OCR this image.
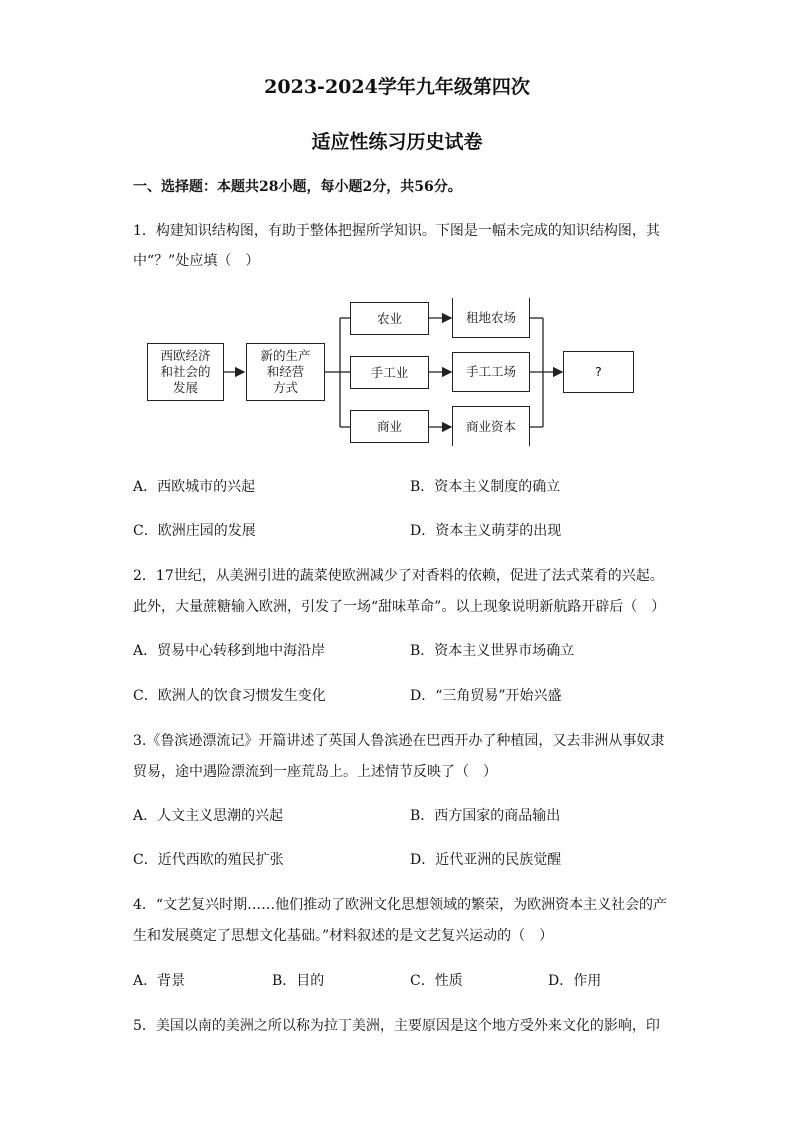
2023-2024学年九年级第四次
适应性练习历史试卷
一、选择题：本题共28小题，每小题2分，共56分。
1．构建知识结构图，有助于整体把握所学知识。下图是一幅未完成的知识结构图，其
中“？”处应填（　）
西欧经济
和社会的
发展
新的生产
和经营
方式
农业
手工业
商业
租地农场
手工工场
商业资本
?
A．西欧城市的兴起	B．资本主义制度的确立
C．欧洲庄园的发展	D．资本主义萌芽的出现
2．17世纪，从美洲引进的蔬菜使欧洲减少了对香料的依赖，促进了法式菜肴的兴起。
此外，大量蔗糖输入欧洲，引发了一场“甜味革命”。以上现象说明新航路开辟后（　）
A．贸易中心转移到地中海沿岸	B．资本主义世界市场确立
C．欧洲人的饮食习惯发生变化	D．“三角贸易”开始兴盛
3.《鲁滨逊漂流记》开篇讲述了英国人鲁滨逊在巴西开办了种植园，又去非洲从事奴隶
贸易，途中遇险漂流到一座荒岛上。上述情节反映了（　）
A．人文主义思潮的兴起	B．西方国家的商品输出
C．近代西欧的殖民扩张	D．近代亚洲的民族觉醒
4．“文艺复兴时期……他们推动了欧洲文化思想领域的繁荣，为欧洲资本主义社会的产
生和发展奠定了思想文化基础。”材料叙述的是文艺复兴运动的（　）
A．背景	B．目的	C．性质	D．作用
5．美国以南的美洲之所以称为拉丁美洲，主要原因是这个地方受外来文化的影响，印
